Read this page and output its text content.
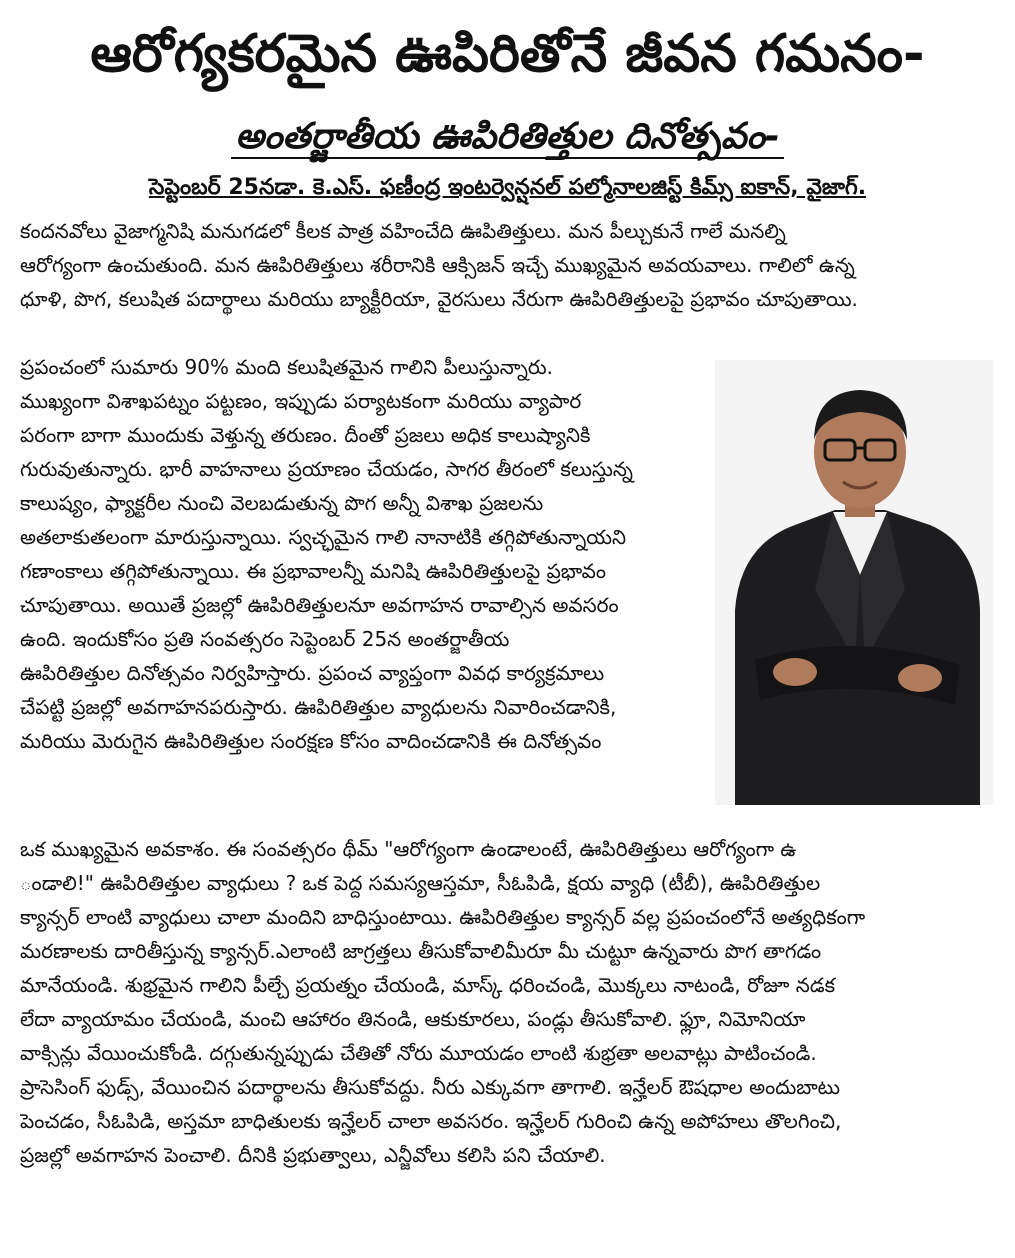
ఆరోగ్యకరమైన ఊపిరితోనే జీవన గమనం-
అంతర్జాతీయ ఊపిరితిత్తుల దినోత్సవం-
సెప్టెంబర్ 25నడా. కె.ఎస్. ఫణీంద్ర ఇంటర్వెన్షనల్ పల్మోనాలజిస్ట్ కిమ్స్ ఐకాన్, వైజాగ్.
కందనవోలు వైజాగ్మనిషి మనుగడలో కీలక పాత్ర వహించేది ఊపితిత్తులు. మన పీల్చుకునే గాలే మనల్ని
ఆరోగ్యంగా ఉంచుతుంది. మన ఊపిరితిత్తులు శరీరానికి ఆక్సిజన్ ఇచ్చే ముఖ్యమైన అవయవాలు. గాలిలో ఉన్న
ధూళి, పొగ, కలుషిత పదార్థాలు మరియు బ్యాక్టీరియా, వైరసులు నేరుగా ఊపిరితిత్తులపై ప్రభావం చూపుతాయి.
ప్రపంచంలో సుమారు 90% మంది కలుషితమైన గాలిని పీలుస్తున్నారు.
ముఖ్యంగా విశాఖపట్నం పట్టణం, ఇప్పుడు పర్యాటకంగా మరియు వ్యాపార
పరంగా బాగా ముందుకు వెళ్తున్న తరుణం. దీంతో ప్రజలు అధిక కాలుష్యానికి
గురువుతున్నారు. భారీ వాహనాలు ప్రయాణం చేయడం, సాగర తీరంలో కలుస్తున్న
కాలుష్యం, ఫ్యాక్టరీల నుంచి వెలబడుతున్న పొగ అన్నీ విశాఖ ప్రజలను
అతలాకుతలంగా మారుస్తున్నాయి. స్వచ్ఛమైన గాలి నానాటికి తగ్గిపోతున్నాయని
గణాంకాలు తగ్గిపోతున్నాయి. ఈ ప్రభావాలన్నీ మనిషి ఊపిరితిత్తులపై ప్రభావం
చూపుతాయి. అయితే ప్రజల్లో ఊపిరితిత్తులనూ అవగాహన రావాల్సిన అవసరం
ఉంది. ఇందుకోసం ప్రతి సంవత్సరం సెప్టెంబర్ 25న అంతర్జాతీయ
ఊపిరితిత్తుల దినోత్సవం నిర్వహిస్తారు. ప్రపంచ వ్యాప్తంగా వివధ కార్యక్రమాలు
చేపట్టి ప్రజల్లో అవగాహనపరుస్తారు. ఊపిరితిత్తుల వ్యాధులను నివారించడానికి,
మరియు మెరుగైన ఊపిరితిత్తుల సంరక్షణ కోసం వాదించడానికి ఈ దినోత్సవం
ఒక ముఖ్యమైన అవకాశం. ఈ సంవత్సరం థీమ్ "ఆరోగ్యంగా ఉండాలంటే, ఊపిరితిత్తులు ఆరోగ్యంగా ఉ
ండాలి!" ఊపిరితిత్తుల వ్యాధులు ? ఒక పెద్ద సమస్యఆస్తమా, సీఓపిడి, క్షయ వ్యాధి (టీబీ), ఊపిరితిత్తుల
క్యాన్సర్ లాంటి వ్యాధులు చాలా మందిని బాధిస్తుంటాయి. ఊపిరితిత్తుల క్యాన్సర్ వల్ల ప్రపంచంలోనే అత్యధికంగా
మరణాలకు దారితీస్తున్న క్యాన్సర్.ఎలాంటి జాగ్రత్తలు తీసుకోవాలిమీరూ మీ చుట్టూ ఉన్నవారు పొగ తాగడం
మానేయండి. శుభ్రమైన గాలిని పీల్చే ప్రయత్నం చేయండి, మాస్క్ ధరించండి, మొక్కలు నాటండి, రోజూ నడక
లేదా వ్యాయామం చేయండి, మంచి ఆహారం తినండి, ఆకుకూరలు, పండ్లు తీసుకోవాలి. ఫ్లూ, నిమోనియా
వాక్సిన్లు వేయించుకోండి. దగ్గుతున్నప్పుడు చేతితో నోరు మూయడం లాంటి శుభ్రతా అలవాట్లు పాటించండి.
ప్రాసెసింగ్ ఫుడ్స్, వేయించిన పదార్థాలను తీసుకోవద్దు. నీరు ఎక్కువగా తాగాలి. ఇన్హేలర్ ఔషధాల అందుబాటు
పెంచడం, సీఓపిడి, అస్తమా బాధితులకు ఇన్హేలర్ చాలా అవసరం. ఇన్హేలర్ గురించి ఉన్న అపోహలు తొలగించి,
ప్రజల్లో అవగాహన పెంచాలి. దీనికి ప్రభుత్వాలు, ఎన్జీవోలు కలిసి పని చేయాలి.
